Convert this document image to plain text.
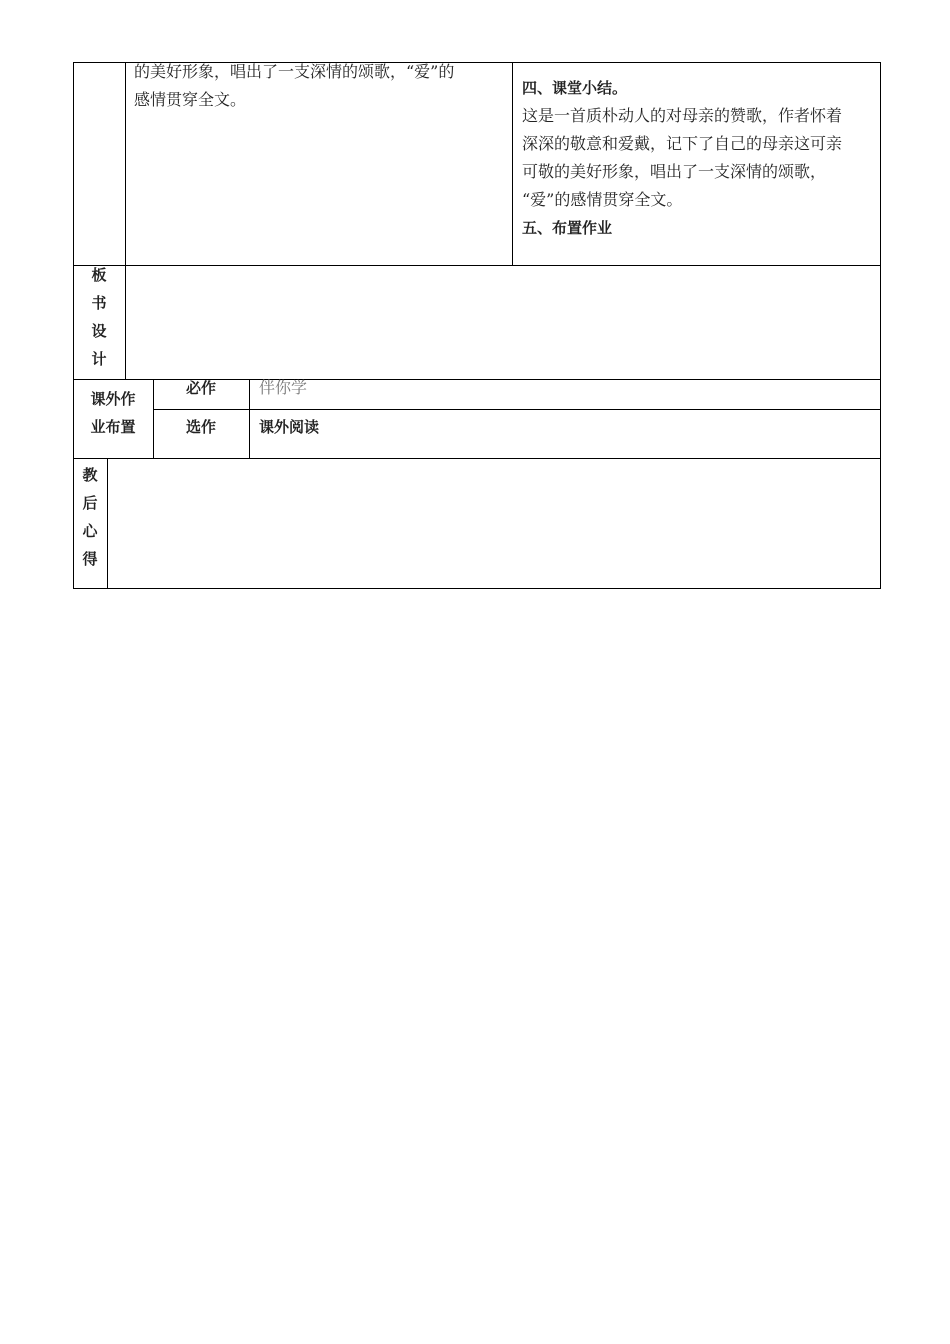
的美好形象，唱出了一支深情的颂歌，“爱”的
感情贯穿全文。
四、课堂小结。
这是一首质朴动人的对母亲的赞歌，作者怀着
深深的敬意和爱戴，记下了自己的母亲这可亲
可敬的美好形象，唱出了一支深情的颂歌，
“爱”的感情贯穿全文。
五、布置作业
板
书
设
计
课外作
业布置
必作	伴你学
选作	课外阅读
教
后
心
得
